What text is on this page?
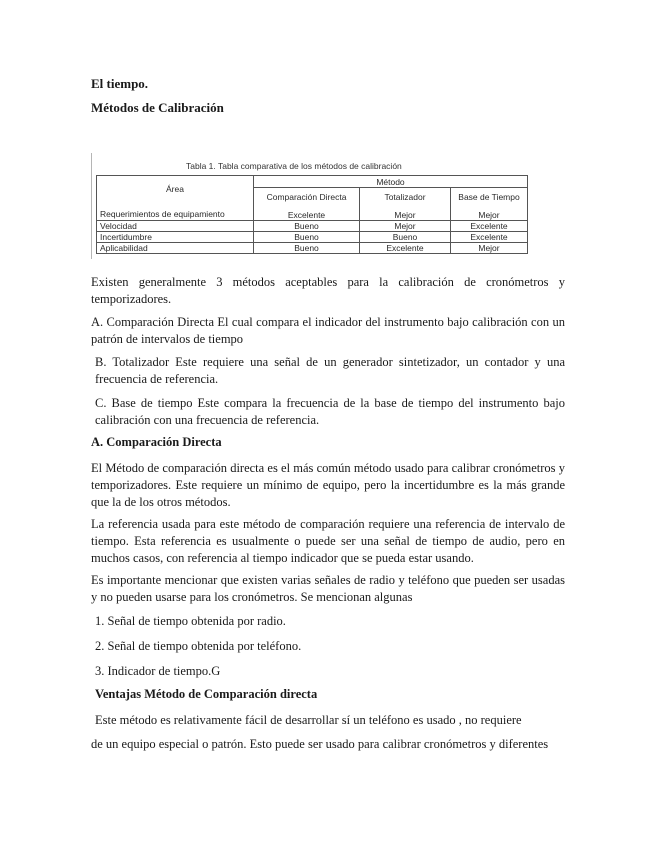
El tiempo.
Métodos de Calibración
Tabla 1. Tabla comparativa de los métodos de calibración
Área	Método		
	Comparación Directa	Totalizador	Base de Tiempo
Requerimientos de equipamiento	Excelente	Mejor	Mejor
Velocidad	Bueno	Mejor	Excelente
Incertidumbre	Bueno	Bueno	Excelente
Aplicabilidad	Bueno	Excelente	Mejor
Existen generalmente 3 métodos aceptables para la calibración de cronómetros y temporizadores.
A. Comparación Directa El cual compara el indicador del instrumento bajo calibración con un patrón de intervalos de tiempo
B. Totalizador Este requiere una señal de un generador sintetizador, un contador y una frecuencia de referencia.
C. Base de tiempo Este compara la frecuencia de la base de tiempo del instrumento bajo calibración con una frecuencia de referencia.
A. Comparación Directa
El Método de comparación directa es el más común método usado para calibrar cronómetros y temporizadores. Este requiere un mínimo de equipo, pero la incertidumbre es la más grande que la de los otros métodos.
La referencia usada para este método de comparación requiere una referencia de intervalo de tiempo. Esta referencia es usualmente o puede ser una señal de tiempo de audio, pero en muchos casos, con referencia al tiempo indicador que se pueda estar usando.
Es importante mencionar que existen varias señales de radio y teléfono que pueden ser usadas y no pueden usarse para los cronómetros. Se mencionan algunas
1. Señal de tiempo obtenida por radio.
2. Señal de tiempo obtenida por teléfono.
3. Indicador de tiempo.G
Ventajas Método de Comparación directa
Este método es relativamente fácil de desarrollar sí un teléfono es usado , no requiere
de un equipo especial o patrón. Esto puede ser usado para calibrar cronómetros y diferentes
